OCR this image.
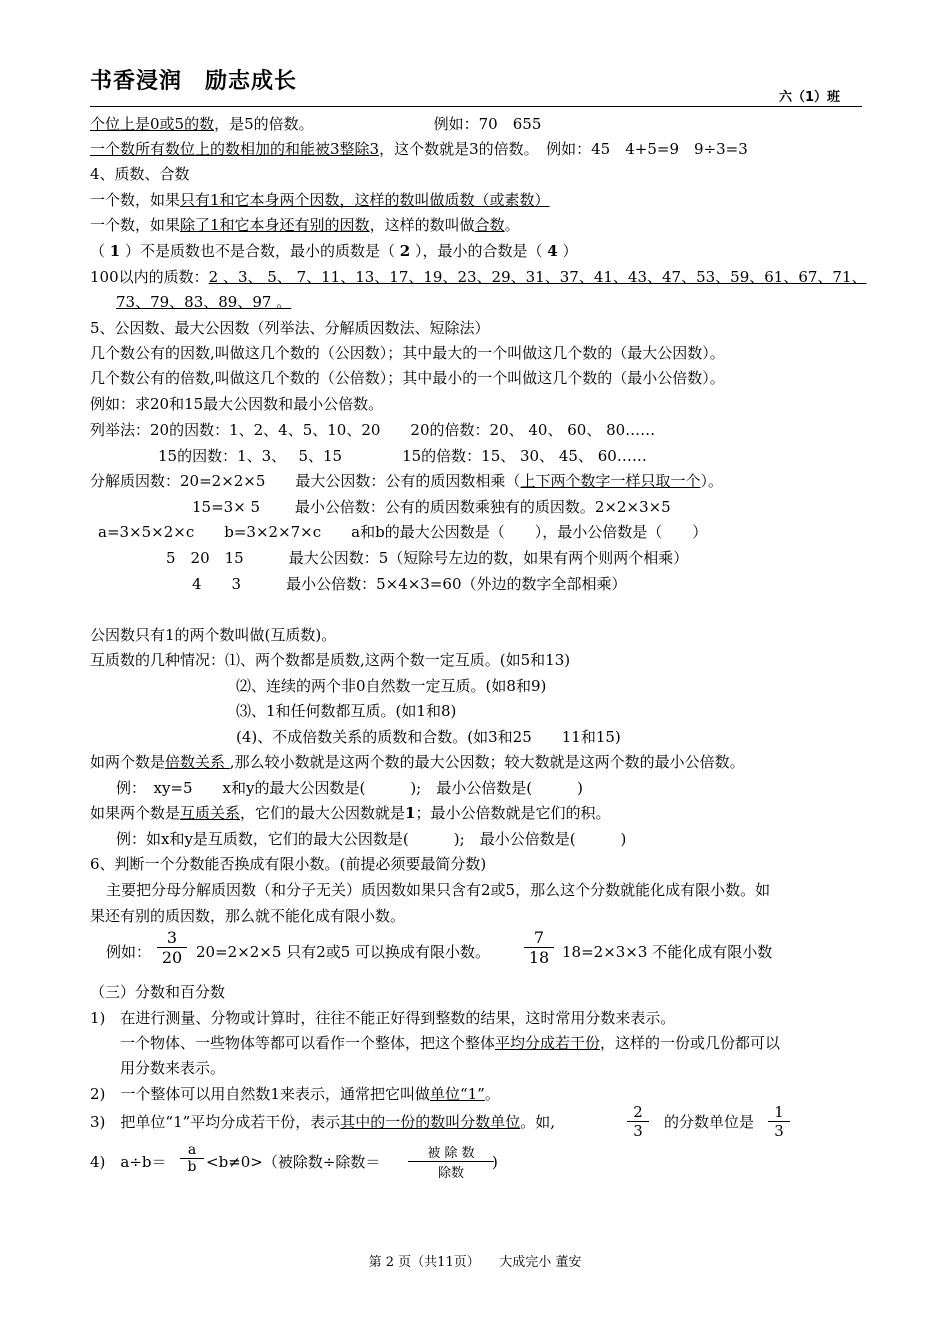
书香浸润　励志成长
六（1）班
个位上是0或5的数，是5的倍数。	例如：70　655
一个数所有数位上的数相加的和能被3整除3，这个数就是3的倍数。　例如：45　4+5=9　9÷3=3
4、质数、合数
一个数，如果只有1和它本身两个因数，这样的数叫做质数（或素数）
一个数，如果除了1和它本身还有别的因数，这样的数叫做合数。
（ 1 ）不是质数也不是合数，最小的质数是（ 2 ），最小的合数是（ 4 ）
100以内的质数：2 、3、 5、 7、11、13、17、19、23、29、31、37、41、43、47、53、59、61、67、71、
73、79、83、89、97 。
5、公因数、最大公因数（列举法、分解质因数法、短除法）
几个数公有的因数,叫做这几个数的（公因数）；其中最大的一个叫做这几个数的（最大公因数）。
几个数公有的倍数,叫做这几个数的（公倍数）；其中最小的一个叫做这几个数的（最小公倍数）。
例如：求20和15最大公因数和最小公倍数。
列举法：20的因数：1、2、4、5、10、20　　20的倍数：20、 40、 60、 80……
15的因数：1、3、　 5、15　　　　15的倍数：15、 30、 45、 60……
分解质因数：20=2×2×5　　最大公因数：公有的质因数相乘（上下两个数字一样只取一个）。
15=3× 5　　 最小公倍数：公有的质因数乘独有的质因数。2×2×3×5
a=3×5×2×c　　b=3×2×7×c　　a和b的最大公因数是（　　），最小公倍数是（　　）
5　20　15　　　最大公因数：5（短除号左边的数，如果有两个则两个相乘）
4　　3　　　最小公倍数：5×4×3=60（外边的数字全部相乘）
公因数只有1的两个数叫做(互质数)。
互质数的几种情况：⑴、两个数都是质数,这两个数一定互质。(如5和13)
⑵、连续的两个非0自然数一定互质。(如8和9)
⑶、1和任何数都互质。(如1和8)
(4)、不成倍数关系的质数和合数。(如3和25　　11和15)
如两个数是倍数关系 ,那么较小数就是这两个数的最大公因数；较大数就是这两个数的最小公倍数。
例：　xy=5　　x和y的最大公因数是(　　　);　最小公倍数是(　　　)
如果两个数是互质关系，它们的最大公因数就是1；最小公倍数就是它们的积。
例：如x和y是互质数，它们的最大公因数是(　　　);　最小公倍数是(　　　)
6、判断一个分数能否换成有限小数。(前提必须要最简分数)
主要把分母分解质因数（和分子无关）质因数如果只含有2或5，那么这个分数就能化成有限小数。如
果还有别的质因数，那么就不能化成有限小数。
例如： $\frac{3}{20} 20=2\times 2\times 5$ 只有2或5 可以换成有限小数。 $\frac{7}{18} 18=2\times 3\times 3$ 不能化成有限小数
（三）分数和百分数
1)　在进行测量、分物或计算时，往往不能正好得到整数的结果，这时常用分数来表示。
一个物体、一些物体等都可以看作一个整体，把这个整体平均分成若干份，这样的一份或几份都可以
用分数来表示。
2)　一个整体可以用自然数1来表示，通常把它叫做单位“1”。
3)　把单位“1”平均分成若干份，表示其中的一份的数叫分数单位。如,	$\frac{2}{3}$ 的分数单位是 $\frac{1}{3}$
4)　$a\div b= \frac{a}{b} <b\ne 0>$（被除数÷除数＝	被 除 数
除数
)
第 2 页（共11页）　　大成完小 董安
